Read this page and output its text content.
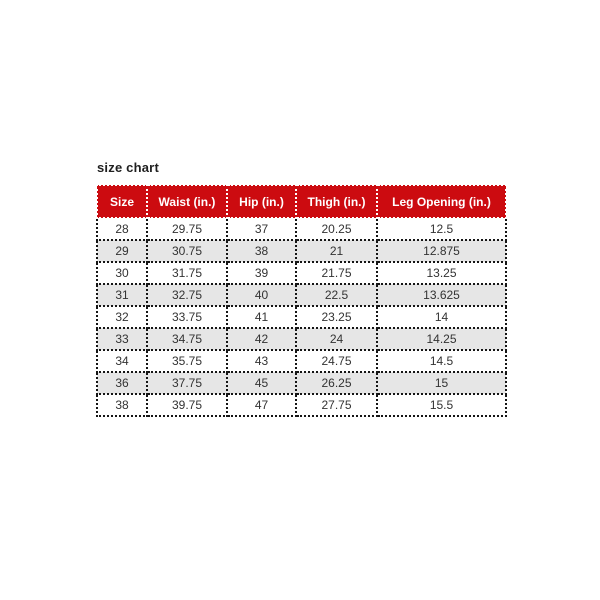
size chart
Size	Waist (in.)	Hip (in.)	Thigh (in.)	Leg Opening (in.)
28	29.75	37	20.25	12.5
29	30.75	38	21	12.875
30	31.75	39	21.75	13.25
31	32.75	40	22.5	13.625
32	33.75	41	23.25	14
33	34.75	42	24	14.25
34	35.75	43	24.75	14.5
36	37.75	45	26.25	15
38	39.75	47	27.75	15.5
